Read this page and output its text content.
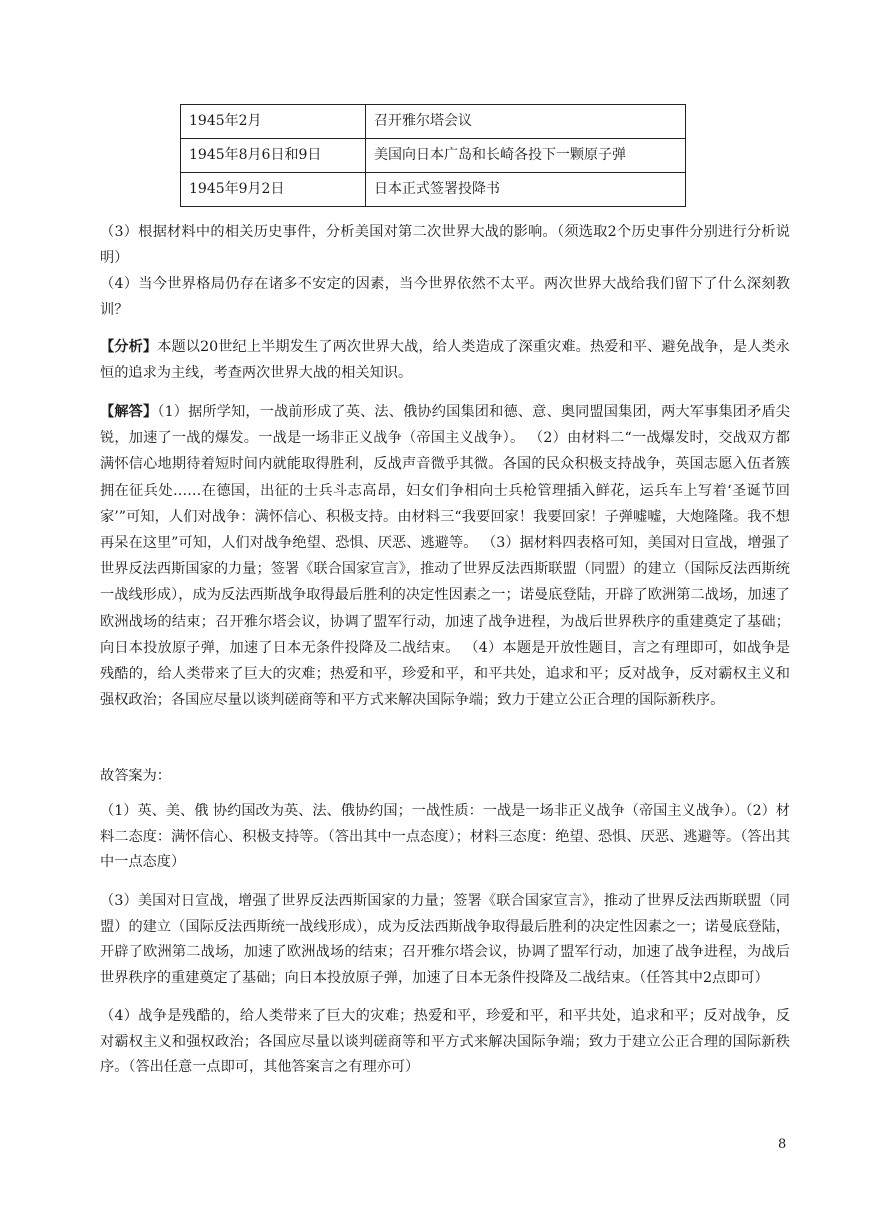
1945年2月	召开雅尔塔会议
1945年8月6日和9日	美国向日本广岛和长崎各投下一颗原子弹
1945年9月2日	日本正式签署投降书
（3）根据材料中的相关历史事件，分析美国对第二次世界大战的影响。（须选取2个历史事件分别进行分析说明）
（4）当今世界格局仍存在诸多不安定的因素，当今世界依然不太平。两次世界大战给我们留下了什么深刻教训？
【分析】本题以20世纪上半期发生了两次世界大战，给人类造成了深重灾难。热爱和平、避免战争，是人类永恒的追求为主线，考查两次世界大战的相关知识。
【解答】（1）据所学知，一战前形成了英、法、俄协约国集团和德、意、奥同盟国集团，两大军事集团矛盾尖锐，加速了一战的爆发。一战是一场非正义战争（帝国主义战争）。 （2）由材料二“一战爆发时，交战双方都满怀信心地期待着短时间内就能取得胜利，反战声音微乎其微。各国的民众积极支持战争，英国志愿入伍者簇拥在征兵处……在德国，出征的士兵斗志高昂，妇女们争相向士兵枪管理插入鲜花，运兵车上写着‘圣诞节回家’”可知，人们对战争：满怀信心、积极支持。由材料三“我要回家！我要回家！子弹嘘嘘，大炮隆隆。我不想再呆在这里”可知，人们对战争绝望、恐惧、厌恶、逃避等。 （3）据材料四表格可知，美国对日宣战，增强了世界反法西斯国家的力量；签署《联合国家宣言》，推动了世界反法西斯联盟（同盟）的建立（国际反法西斯统一战线形成），成为反法西斯战争取得最后胜利的决定性因素之一；诺曼底登陆，开辟了欧洲第二战场，加速了欧洲战场的结束；召开雅尔塔会议，协调了盟军行动，加速了战争进程，为战后世界秩序的重建奠定了基础；向日本投放原子弹，加速了日本无条件投降及二战结束。 （4）本题是开放性题目，言之有理即可，如战争是残酷的，给人类带来了巨大的灾难；热爱和平，珍爱和平，和平共处，追求和平；反对战争，反对霸权主义和强权政治；各国应尽量以谈判磋商等和平方式来解决国际争端；致力于建立公正合理的国际新秩序。
故答案为：
（1）英、美、俄 协约国改为英、法、俄协约国；一战性质：一战是一场非正义战争（帝国主义战争）。（2）材料二态度：满怀信心、积极支持等。（答出其中一点态度）；材料三态度：绝望、恐惧、厌恶、逃避等。（答出其中一点态度）
（3）美国对日宣战，增强了世界反法西斯国家的力量；签署《联合国家宣言》，推动了世界反法西斯联盟（同盟）的建立（国际反法西斯统一战线形成），成为反法西斯战争取得最后胜利的决定性因素之一；诺曼底登陆，开辟了欧洲第二战场，加速了欧洲战场的结束；召开雅尔塔会议，协调了盟军行动，加速了战争进程，为战后世界秩序的重建奠定了基础；向日本投放原子弹，加速了日本无条件投降及二战结束。（任答其中2点即可）
（4）战争是残酷的，给人类带来了巨大的灾难；热爱和平，珍爱和平，和平共处，追求和平；反对战争，反对霸权主义和强权政治；各国应尽量以谈判磋商等和平方式来解决国际争端；致力于建立公正合理的国际新秩序。（答出任意一点即可，其他答案言之有理亦可）
8
